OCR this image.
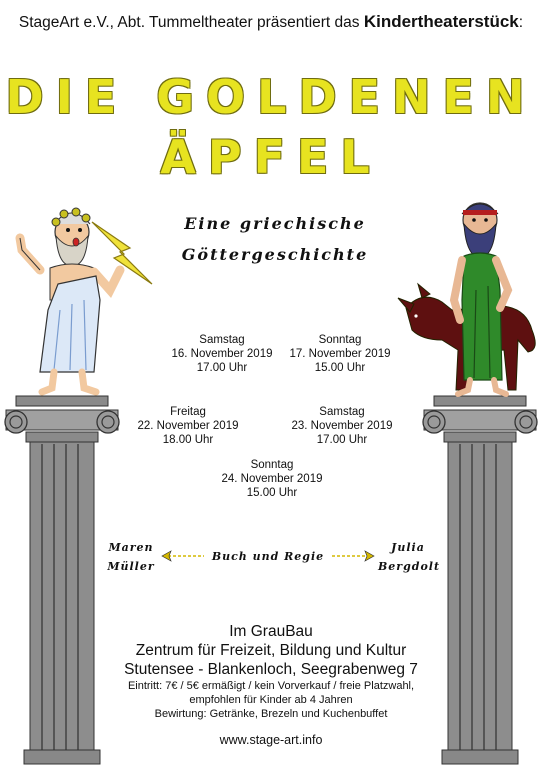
StageArt e.V., Abt. Tummeltheater präsentiert das Kindertheaterstück:
DIE GOLDENEN
ÄPFEL
Eine griechische
Göttergeschichte
Samstag
16. November 2019
17.00 Uhr
Sonntag
17. November 2019
15.00 Uhr
Freitag
22. November 2019
18.00 Uhr
Samstag
23. November 2019
17.00 Uhr
Sonntag
24. November 2019
15.00 Uhr
Maren
Müller
Julia
Bergdolt
Buch und Regie
Im GrauBau
Zentrum für Freizeit, Bildung und Kultur
Stutensee - Blankenloch, Seegrabenweg 7
Eintritt: 7€ / 5€ ermäßigt / kein Vorverkauf / freie Platzwahl,
empfohlen für Kinder ab 4 Jahren
Bewirtung: Getränke, Brezeln und Kuchenbuffet
www.stage-art.info
